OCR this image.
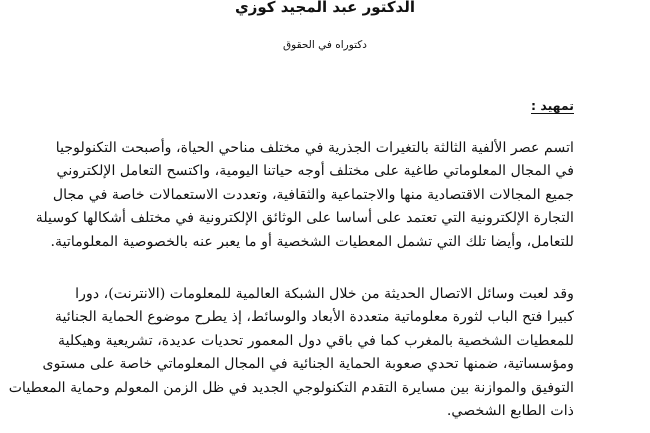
الدكتور عبد المجيد كوزي
دكتوراه في الحقوق
تمهيد :
اتسم عصر الألفية الثالثة بالتغيرات الجذرية في مختلف مناحي الحياة، وأصبحت التكنولوجيا
في المجال المعلوماتي طاغية على مختلف أوجه حياتنا اليومية، واكتسح التعامل الإلكتروني
جميع المجالات الاقتصادية منها والاجتماعية والثقافية، وتعددت الاستعمالات خاصة في مجال
التجارة الإلكترونية التي تعتمد على أساسا على الوثائق الإلكترونية في مختلف أشكالها كوسيلة
للتعامل، وأيضا تلك التي تشمل المعطيات الشخصية أو ما يعبر عنه بالخصوصية المعلوماتية.
وقد لعبت وسائل الاتصال الحديثة من خلال الشبكة العالمية للمعلومات (الانترنت)، دورا
كبيرا فتح الباب لثورة معلوماتية متعددة الأبعاد والوسائط، إذ يطرح موضوع الحماية الجنائية
للمعطيات الشخصية بالمغرب كما في باقي دول المعمور تحديات عديدة، تشريعية وهيكلية
ومؤسساتية، ضمنها تحدي صعوبة الحماية الجنائية في المجال المعلوماتي خاصة على مستوى
التوفيق والموازنة بين مسايرة التقدم التكنولوجي الجديد في ظل الزمن المعولم وحماية المعطيات
ذات الطابع الشخصي.
